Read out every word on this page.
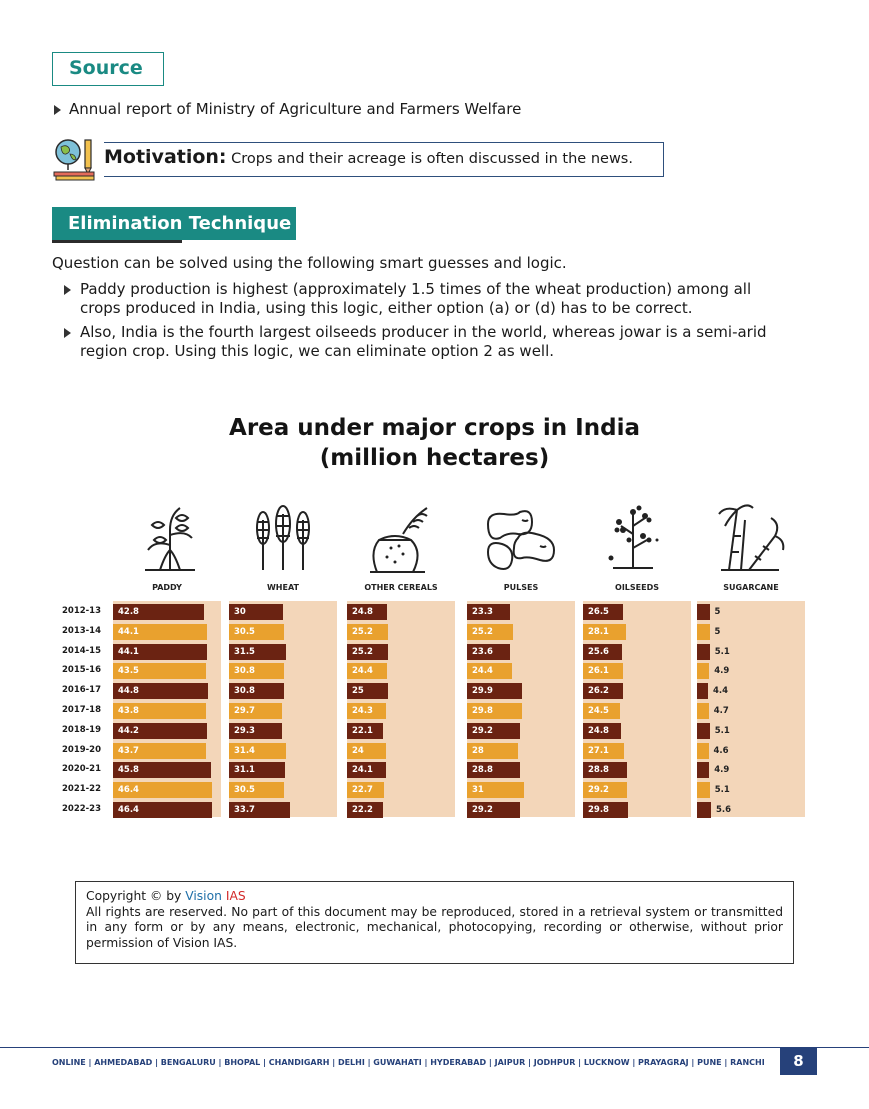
Source
Annual report of Ministry of Agriculture and Farmers Welfare
Motivation: Crops and their acreage is often discussed in the news.
Elimination Technique
Question can be solved using the following smart guesses and logic.
Paddy production is highest (approximately 1.5 times of the wheat production) among all crops produced in India, using this logic, either option (a) or (d) has to be correct.
Also, India is the fourth largest oilseeds producer in the world, whereas jowar is a semi-arid region crop. Using this logic, we can eliminate option 2 as well.
Area under major crops in India
(million hectares)
PADDY
42.8
44.1
44.1
43.5
44.8
43.8
44.2
43.7
45.8
46.4
46.4
WHEAT
30
30.5
31.5
30.8
30.8
29.7
29.3
31.4
31.1
30.5
33.7
OTHER CEREALS
24.8
25.2
25.2
24.4
25
24.3
22.1
24
24.1
22.7
22.2
PULSES
23.3
25.2
23.6
24.4
29.9
29.8
29.2
28
28.8
31
29.2
OILSEEDS
26.5
28.1
25.6
26.1
26.2
24.5
24.8
27.1
28.8
29.2
29.8
SUGARCANE
5
5
5.1
4.9
4.4
4.7
5.1
4.6
4.9
5.1
5.6
2012-13
2013-14
2014-15
2015-16
2016-17
2017-18
2018-19
2019-20
2020-21
2021-22
2022-23
Copyright © by Vision IAS
All rights are reserved. No part of this document may be reproduced, stored in a retrieval system or transmitted in any form or by any means, electronic, mechanical, photocopying, recording or otherwise, without prior permission of Vision IAS.
ONLINE | AHMEDABAD | BENGALURU | BHOPAL | CHANDIGARH | DELHI | GUWAHATI | HYDERABAD | JAIPUR | JODHPUR | LUCKNOW | PRAYAGRAJ | PUNE | RANCHI	8
